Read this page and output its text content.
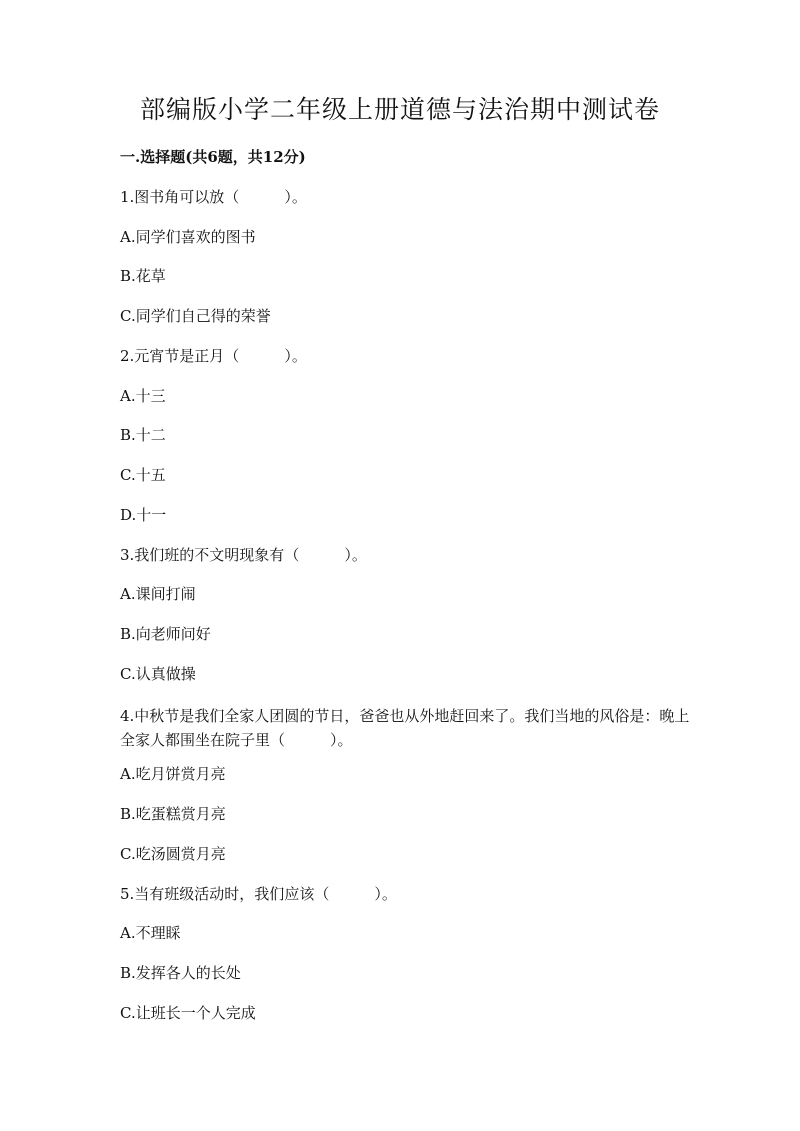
部编版小学二年级上册道德与法治期中测试卷
一.选择题(共6题，共12分)
1.图书角可以放（　　　）。
A.同学们喜欢的图书
B.花草
C.同学们自己得的荣誉
2.元宵节是正月（　　　）。
A.十三
B.十二
C.十五
D.十一
3.我们班的不文明现象有（　　　）。
A.课间打闹
B.向老师问好
C.认真做操
4.中秋节是我们全家人团圆的节日，爸爸也从外地赶回来了。我们当地的风俗是：晚上全家人都围坐在院子里（　　　）。
A.吃月饼赏月亮
B.吃蛋糕赏月亮
C.吃汤圆赏月亮
5.当有班级活动时，我们应该（　　　）。
A.不理睬
B.发挥各人的长处
C.让班长一个人完成
